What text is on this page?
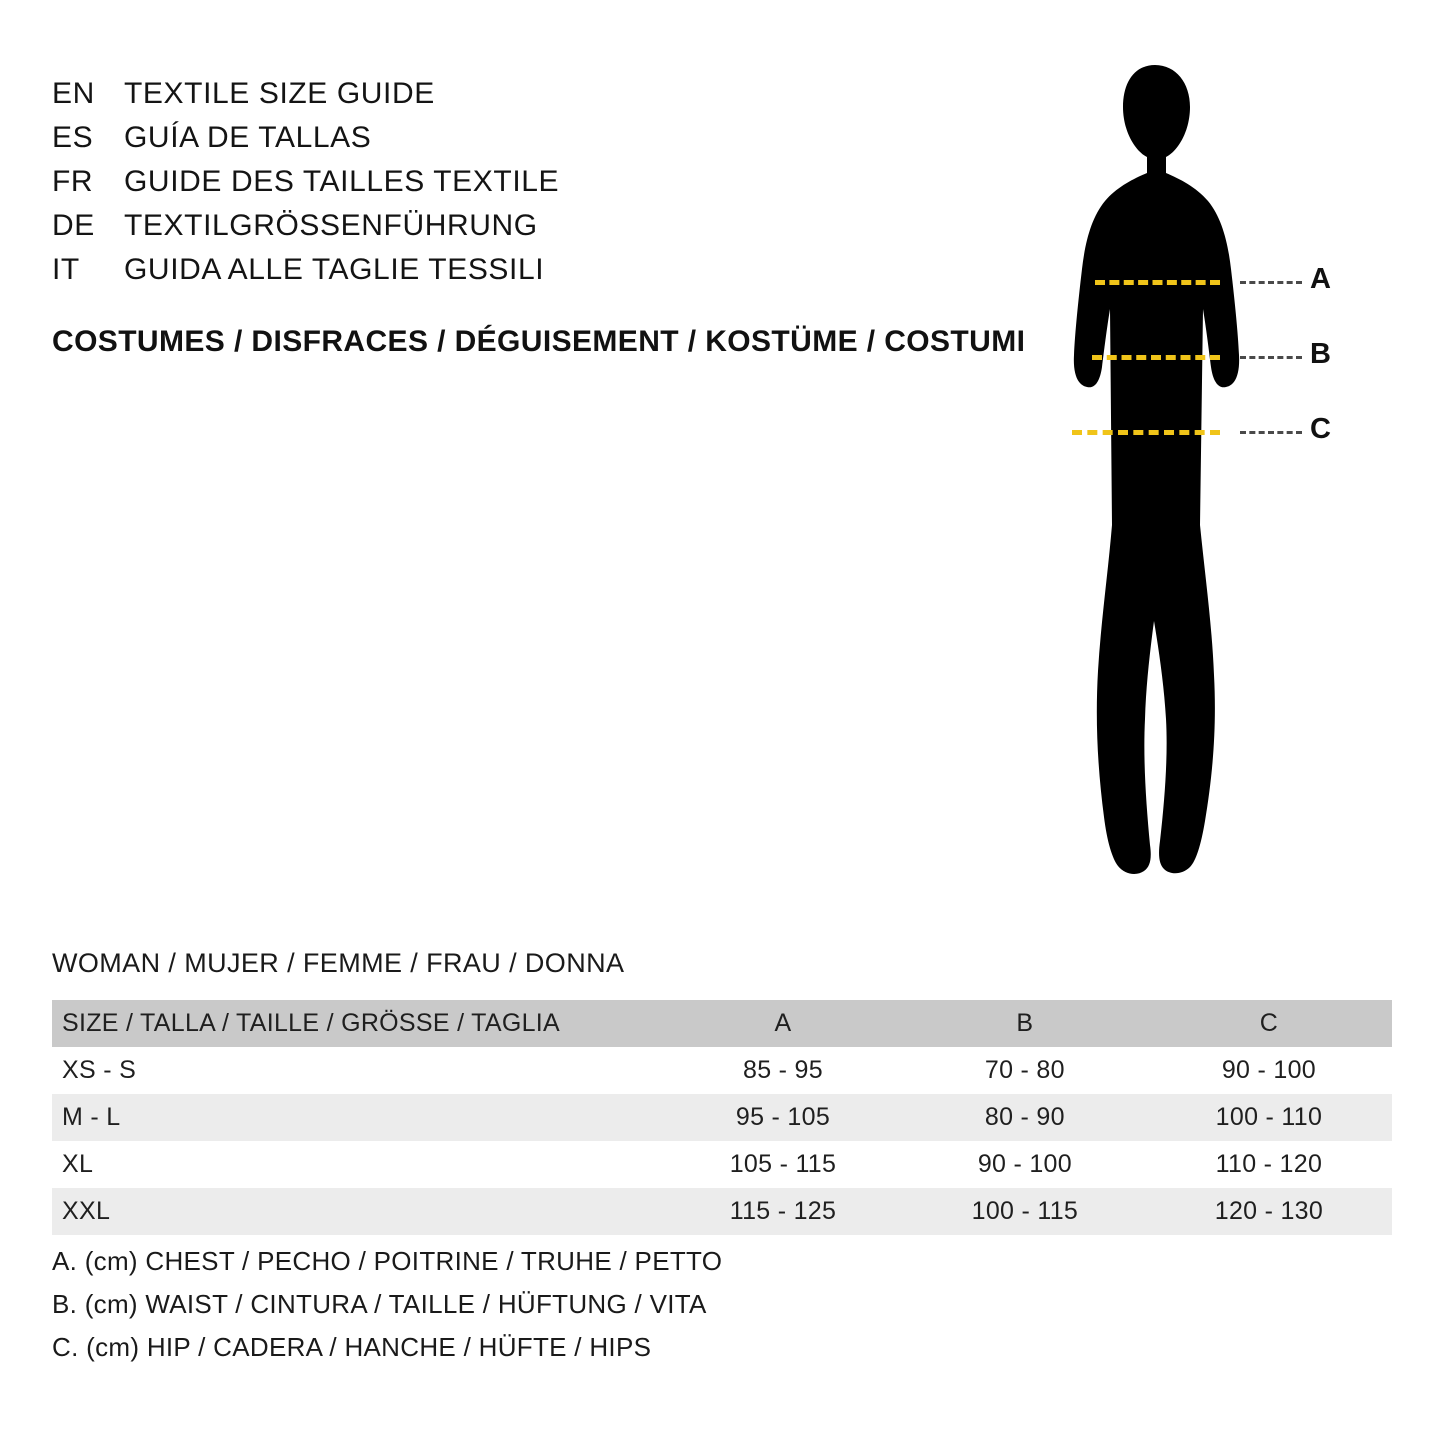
EN TEXTILE SIZE GUIDE
ES	GUÍA DE TALLAS
FR	GUIDE DES TAILLES TEXTILE
DE TEXTILGRÖSSENFÜHRUNG
IT	GUIDA ALLE TAGLIE TESSILI
COSTUMES / DISFRACES / DÉGUISEMENT / KOSTÜME / COSTUMI
A
B
C
WOMAN / MUJER / FEMME / FRAU / DONNA
SIZE / TALLA / TAILLE / GRÖSSE / TAGLIA	A	B	C
XS - S	85 - 95	70 - 80	90 - 100
M - L	95 - 105	80 - 90	100 - 110
XL	105 - 115	90 - 100	110 - 120
XXL	115 - 125	100 - 115	120 - 130
A. (cm) CHEST / PECHO / POITRINE / TRUHE / PETTO
B. (cm) WAIST / CINTURA / TAILLE / HÜFTUNG / VITA
C. (cm) HIP / CADERA / HANCHE / HÜFTE / HIPS
